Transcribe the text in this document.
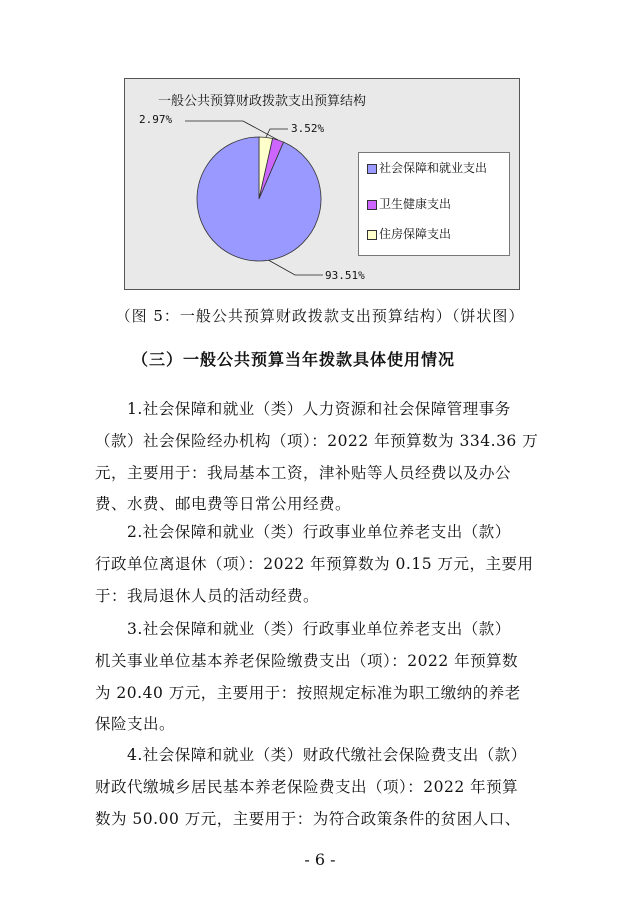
一般公共预算财政拨款支出预算结构
93.51%
2.97%
3.52%
社会保障和就业支出
卫生健康支出
住房保障支出
（图 5：一般公共预算财政拨款支出预算结构）（饼状图）
（三）一般公共预算当年拨款具体使用情况
1.社会保障和就业（类）人力资源和社会保障管理事务
（款）社会保险经办机构（项）：2022 年预算数为 334.36 万
元，主要用于：我局基本工资，津补贴等人员经费以及办公
费、水费、邮电费等日常公用经费。
2.社会保障和就业（类）行政事业单位养老支出（款）
行政单位离退休（项）：2022 年预算数为 0.15 万元，主要用
于：我局退休人员的活动经费。
3.社会保障和就业（类）行政事业单位养老支出（款）
机关事业单位基本养老保险缴费支出（项）：2022 年预算数
为 20.40 万元，主要用于：按照规定标准为职工缴纳的养老
保险支出。
4.社会保障和就业（类）财政代缴社会保险费支出（款）
财政代缴城乡居民基本养老保险费支出（项）：2022 年预算
数为 50.00 万元，主要用于：为符合政策条件的贫困人口、
- 6 -
